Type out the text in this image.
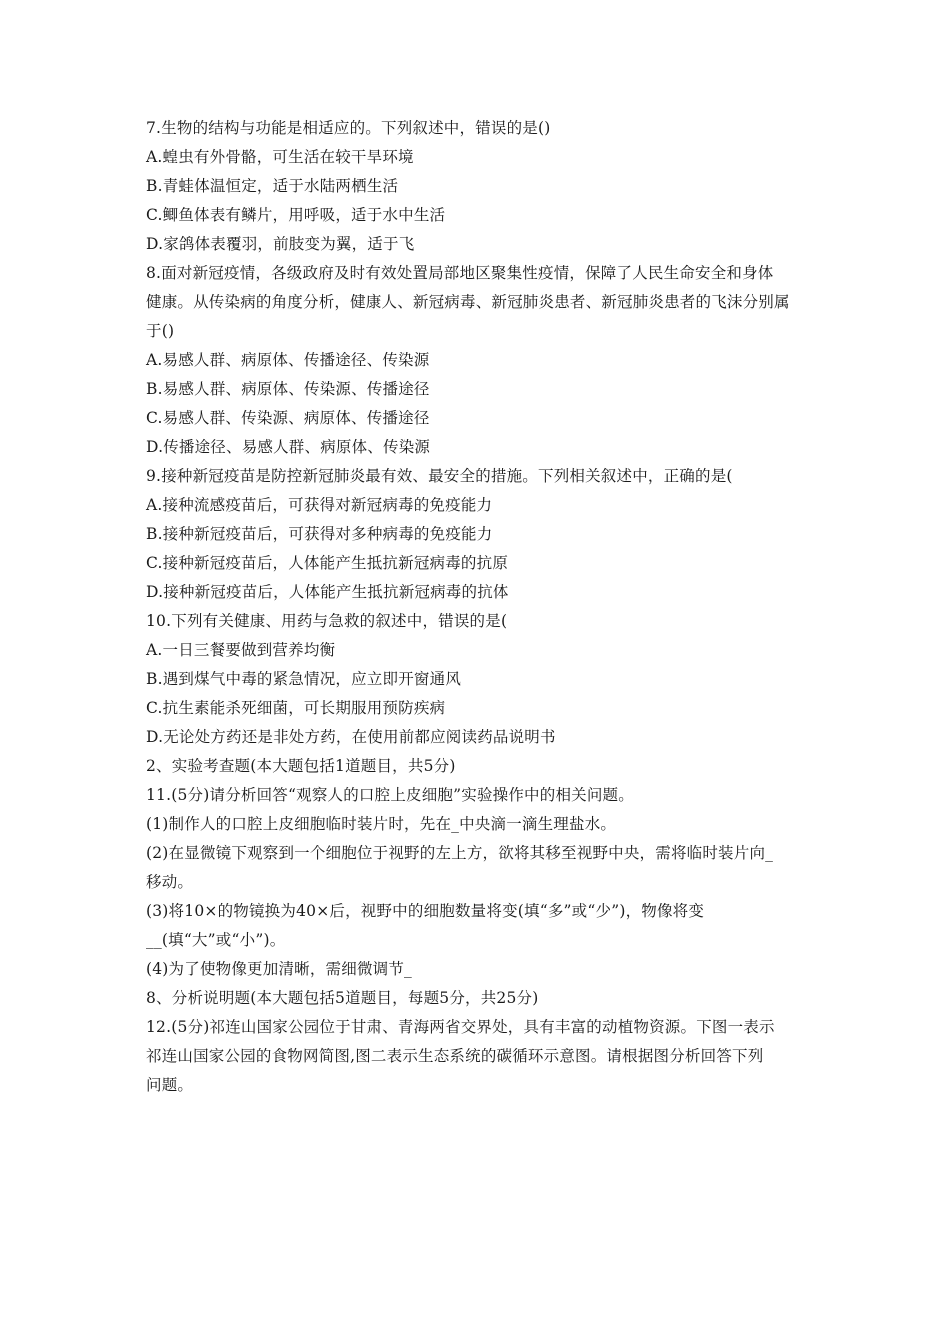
7.生物的结构与功能是相适应的。下列叙述中，错误的是()
A.蝗虫有外骨骼，可生活在较干旱环境
B.青蛙体温恒定，适于水陆两栖生活
C.鲫鱼体表有鳞片，用呼吸，适于水中生活
D.家鸽体表覆羽，前肢变为翼，适于飞
8.面对新冠疫情，各级政府及时有效处置局部地区聚集性疫情，保障了人民生命安全和身体
健康。从传染病的角度分析，健康人、新冠病毒、新冠肺炎患者、新冠肺炎患者的飞沫分别属
于()
A.易感人群、病原体、传播途径、传染源
B.易感人群、病原体、传染源、传播途径
C.易感人群、传染源、病原体、传播途径
D.传播途径、易感人群、病原体、传染源
9.接种新冠疫苗是防控新冠肺炎最有效、最安全的措施。下列相关叙述中，正确的是(
A.接种流感疫苗后，可获得对新冠病毒的免疫能力
B.接种新冠疫苗后，可获得对多种病毒的免疫能力
C.接种新冠疫苗后，人体能产生抵抗新冠病毒的抗原
D.接种新冠疫苗后，人体能产生抵抗新冠病毒的抗体
10.下列有关健康、用药与急救的叙述中，错误的是(
A.一日三餐要做到营养均衡
B.遇到煤气中毒的紧急情况，应立即开窗通风
C.抗生素能杀死细菌，可长期服用预防疾病
D.无论处方药还是非处方药，在使用前都应阅读药品说明书
2、实验考查题(本大题包括1道题目，共5分)
11.(5分)请分析回答“观察人的口腔上皮细胞”实验操作中的相关问题。
(1)制作人的口腔上皮细胞临时装片时，先在_中央滴一滴生理盐水。
(2)在显微镜下观察到一个细胞位于视野的左上方，欲将其移至视野中央，需将临时装片向_
移动。
(3)将10×的物镜换为40×后，视野中的细胞数量将变(填“多”或“少”)，物像将变
__(填“大”或“小”)。
(4)为了使物像更加清晰，需细微调节_
8、分析说明题(本大题包括5道题目，每题5分，共25分)
12.(5分)祁连山国家公园位于甘肃、青海两省交界处，具有丰富的动植物资源。下图一表示
祁连山国家公园的食物网简图,图二表示生态系统的碳循环示意图。请根据图分析回答下列
问题。
